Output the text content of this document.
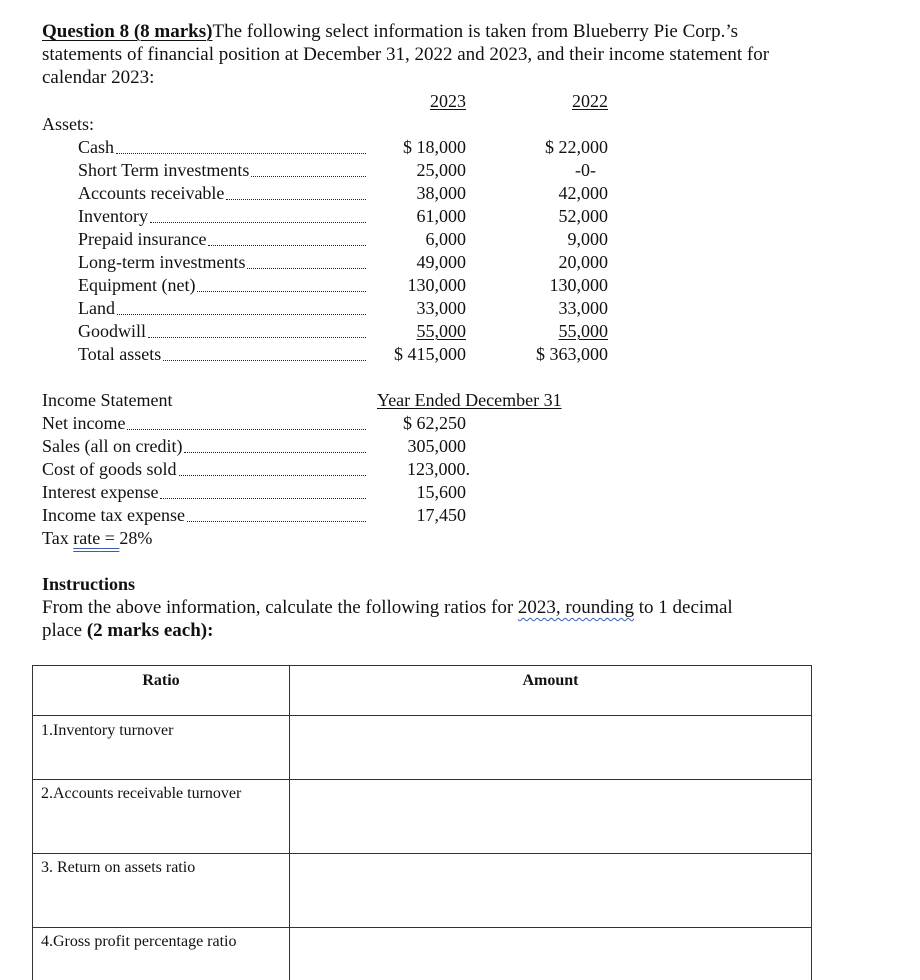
Question 8 (8 marks)The following select information is taken from Blueberry Pie Corp.’s
statements of financial position at December 31, 2022 and 2023, and their income statement for
calendar 2023:
2023	2022
Assets:
Cash	$ 18,000	$ 22,000
Short Term investments	25,000	-0-
Accounts receivable	38,000	42,000
Inventory	61,000	52,000
Prepaid insurance	6,000	9,000
Long-term investments	49,000	20,000
Equipment (net)	130,000	130,000
Land	33,000	33,000
Goodwill	55,000	55,000
Total assets	$ 415,000	$ 363,000
Income Statement	Year Ended December 31
Net income	$ 62,250
Sales (all on credit)	305,000
Cost of goods sold	123,000.
Interest expense	15,600
Income tax expense	17,450
Tax rate = 28%
Instructions
From the above information, calculate the following ratios for 2023, rounding to 1 decimal
place (2 marks each):
Ratio	Amount

1.Inventory turnover	

2.Accounts receivable turnover	

3. Return on assets ratio	

4.Gross profit percentage ratio	
